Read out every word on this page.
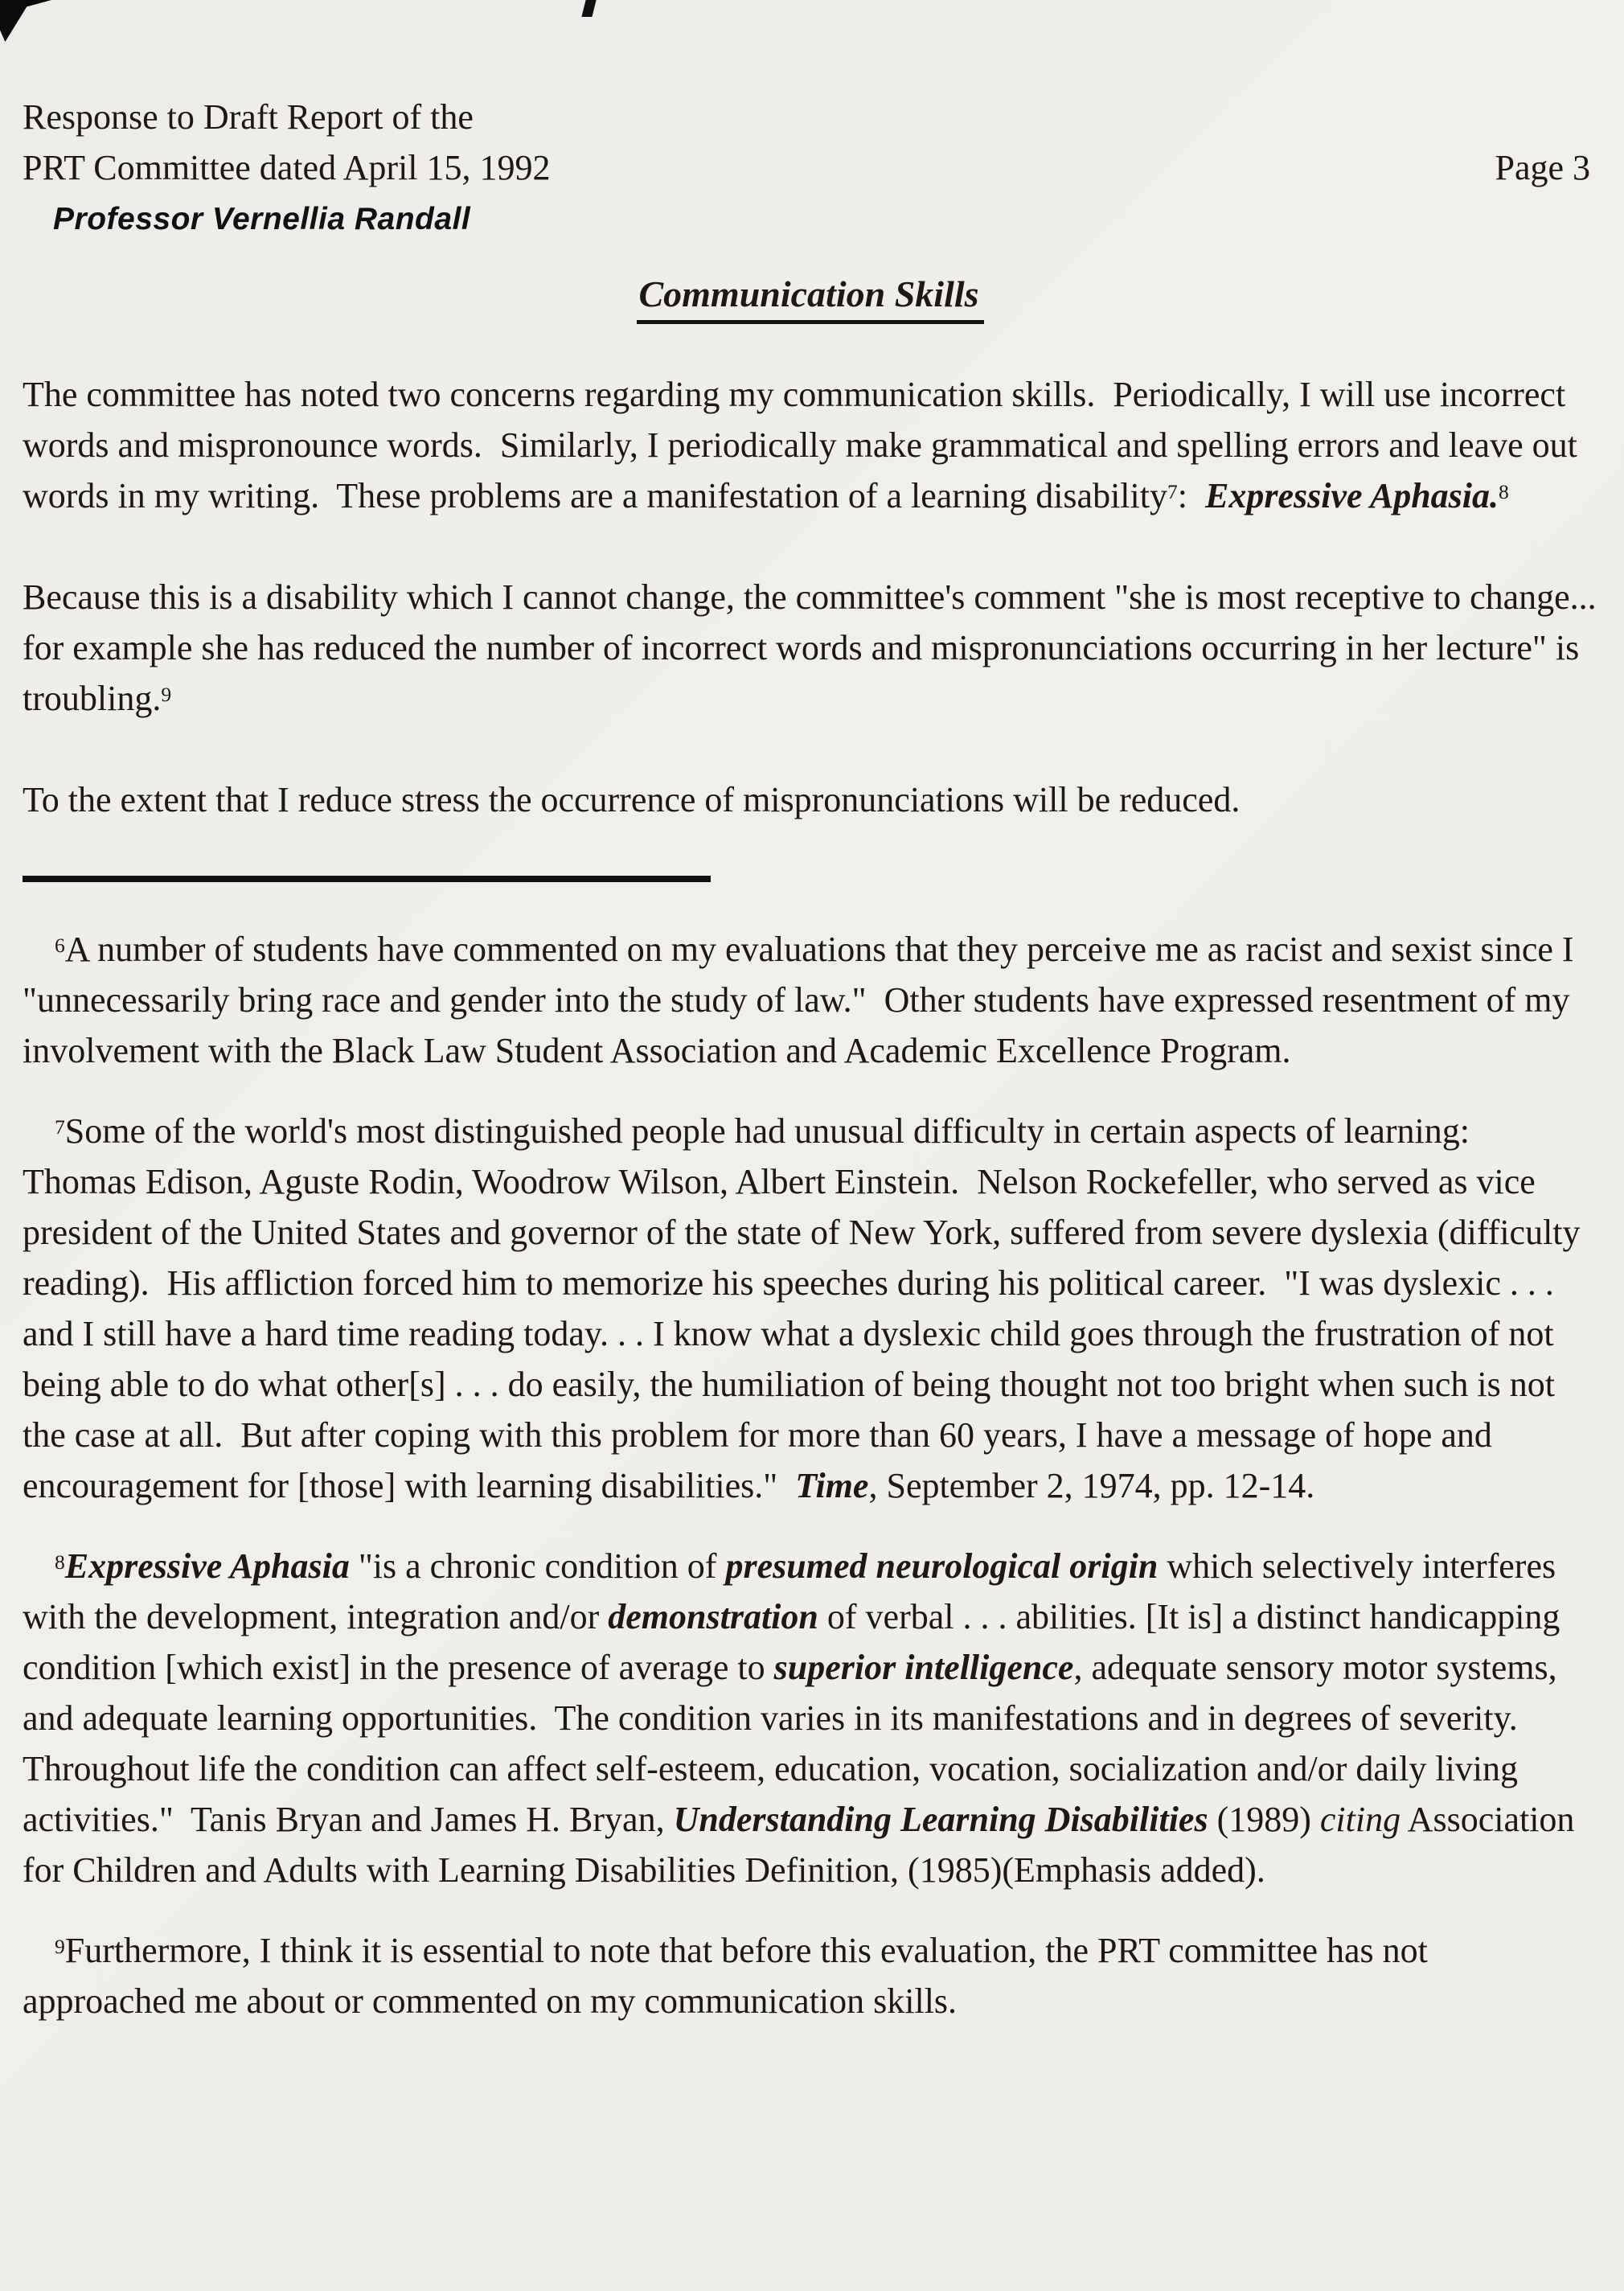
Response to Draft Report of the
PRT Committee dated April 15, 1992	Page 3
Professor Vernellia Randall
Communication Skills

The committee has noted two concerns regarding my communication skills.  Periodically, I will use incorrect words and mispronounce words.  Similarly, I periodically make grammatical and spelling errors and leave out words in my writing.  These problems are a manifestation of a learning disability$^7$:  Expressive Aphasia.$^8$

Because this is a disability which I cannot change, the committee's comment "she is most receptive to change... for example she has reduced the number of incorrect words and mispronunciations occurring in her lecture" is troubling.$^9$

To the extent that I reduce stress the occurrence of mispronunciations will be reduced.

$^6$A number of students have commented on my evaluations that they perceive me as racist and sexist since I "unnecessarily bring race and gender into the study of law."  Other students have expressed resentment of my involvement with the Black Law Student Association and Academic Excellence Program.

$^7$Some of the world's most distinguished people had unusual difficulty in certain aspects of learning:  Thomas Edison, Aguste Rodin, Woodrow Wilson, Albert Einstein.  Nelson Rockefeller, who served as vice president of the United States and governor of the state of New York, suffered from severe dyslexia (difficulty reading).  His affliction forced him to memorize his speeches during his political career.  "I was dyslexic . . . and I still have a hard time reading today. . . I know what a dyslexic child goes through the frustration of not being able to do what other[s] . . . do easily, the humiliation of being thought not too bright when such is not the case at all.  But after coping with this problem for more than 60 years, I have a message of hope and encouragement for [those] with learning disabilities."  Time, September 2, 1974, pp. 12-14.

$^8$Expressive Aphasia "is a chronic condition of presumed neurological origin which selectively interferes with the development, integration and/or demonstration of verbal . . . abilities. [It is] a distinct handicapping condition [which exist] in the presence of average to superior intelligence, adequate sensory motor systems, and adequate learning opportunities.  The condition varies in its manifestations and in degrees of severity.  Throughout life the condition can affect self-esteem, education, vocation, socialization and/or daily living activities."  Tanis Bryan and James H. Bryan, Understanding Learning Disabilities (1989) citing Association for Children and Adults with Learning Disabilities Definition, (1985)(Emphasis added).

$^9$Furthermore, I think it is essential to note that before this evaluation, the PRT committee has not approached me about or commented on my communication skills.
